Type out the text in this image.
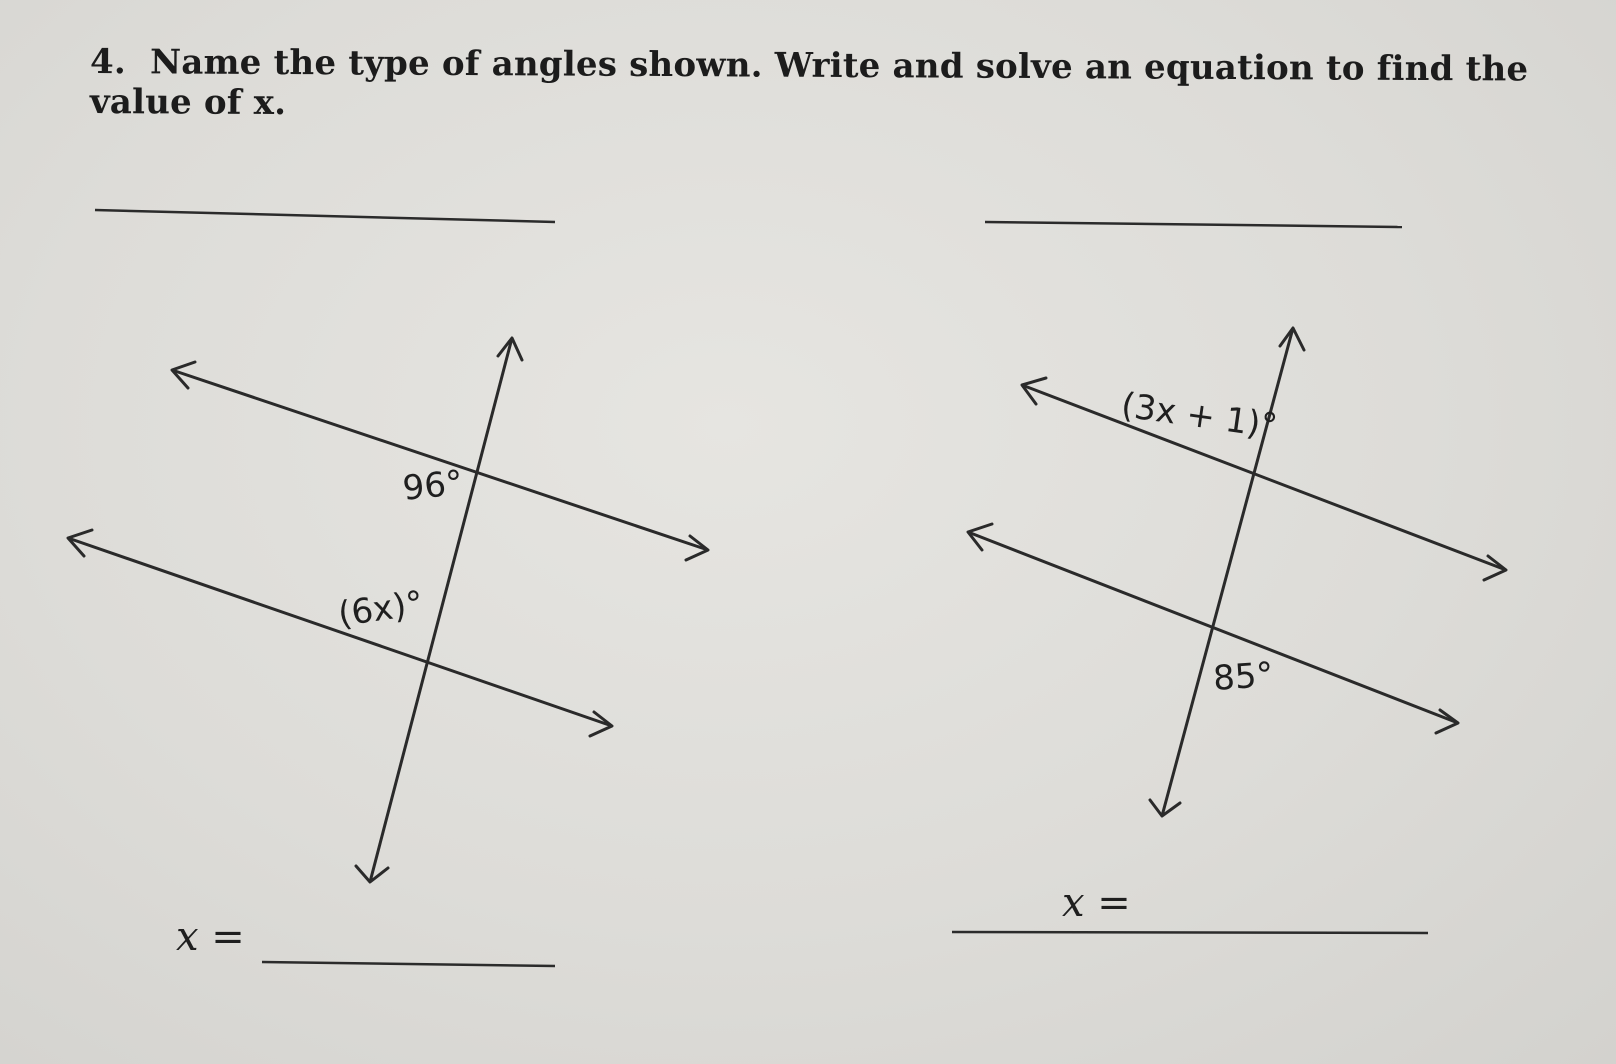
4. Name the type of angles shown. Write and solve an equation to find the value of x.
96°
(6x)°
x =
(3x + 1)°
85°
x =
